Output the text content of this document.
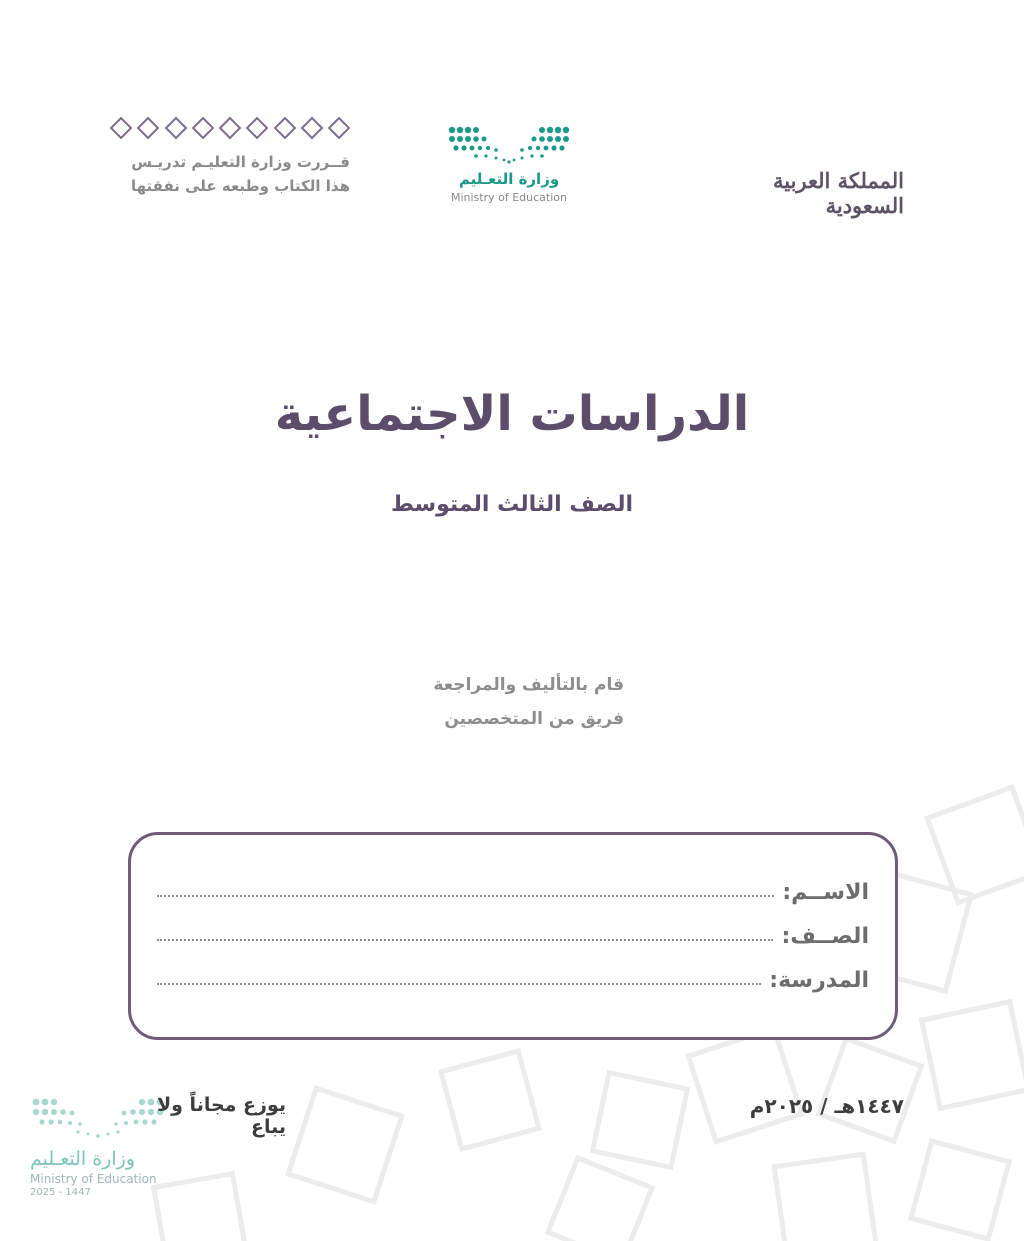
قــررت وزارة التعليـم تدريـس
هذا الكتاب وطبعه على نفقتها	وزارة التعـليم
Ministry of Education
المملكة العربية السعودية
الدراسات الاجتماعية
الصف الثالث المتوسط
قام بالتأليف والمراجعة
فريق من المتخصصين
الاســم:
الصــف:
المدرسة:
وزارة التعـليم
Ministry of Education
2025 - 1447
يوزع مجاناً ولا يباع
١٤٤٧هـ / ٢٠٢٥م
